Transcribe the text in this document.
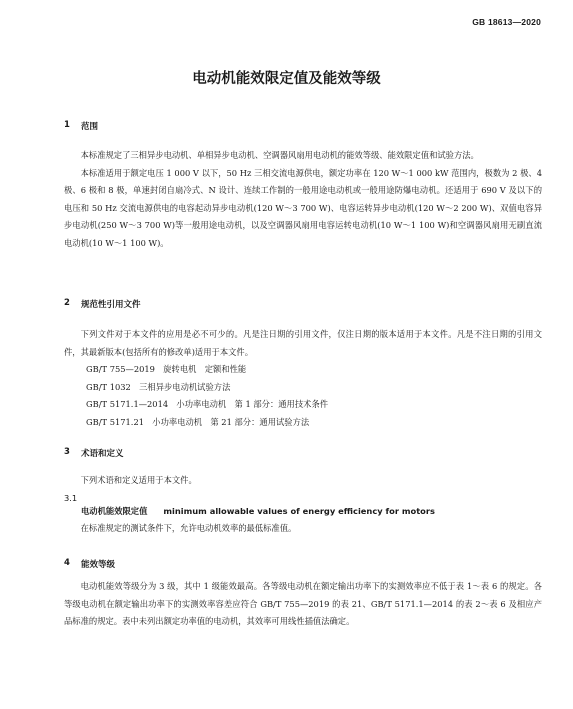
GB 18613—2020
电动机能效限定值及能效等级
1	范围

本标准规定了三相异步电动机、单相异步电动机、空调器风扇用电动机的能效等级、能效限定值和试验方法。

本标准适用于额定电压 1 000 V 以下，50 Hz 三相交流电源供电，额定功率在 120 W～1 000 kW 范围内，极数为 2 极、4 极、6 极和 8 极，单速封闭自扇冷式、N 设计、连续工作制的一般用途电动机或一般用途防爆电动机。还适用于 690 V 及以下的电压和 50 Hz 交流电源供电的电容起动异步电动机(120 W～3 700 W)、电容运转异步电动机(120 W～2 200 W)、双值电容异步电动机(250 W～3 700 W)等一般用途电动机，以及空调器风扇用电容运转电动机(10 W～1 100 W)和空调器风扇用无刷直流电动机(10 W～1 100 W)。

2	规范性引用文件

下列文件对于本文件的应用是必不可少的。凡是注日期的引用文件，仅注日期的版本适用于本文件。凡是不注日期的引用文件，其最新版本(包括所有的修改单)适用于本文件。

GB/T 755—2019　旋转电机　定额和性能

GB/T 1032　三相异步电动机试验方法

GB/T 5171.1—2014　小功率电动机　第 1 部分：通用技术条件

GB/T 5171.21　小功率电动机　第 21 部分：通用试验方法

3	术语和定义

下列术语和定义适用于本文件。

3.1
电动机能效限定值 minimum allowable values of energy efficiency for motors

在标准规定的测试条件下，允许电动机效率的最低标准值。

4	能效等级

电动机能效等级分为 3 级，其中 1 级能效最高。各等级电动机在额定输出功率下的实测效率应不低于表 1～表 6 的规定。各等级电动机在额定输出功率下的实测效率容差应符合 GB/T 755—2019 的表 21、GB/T 5171.1—2014 的表 2～表 6 及相应产品标准的规定。表中未列出额定功率值的电动机，其效率可用线性插值法确定。
